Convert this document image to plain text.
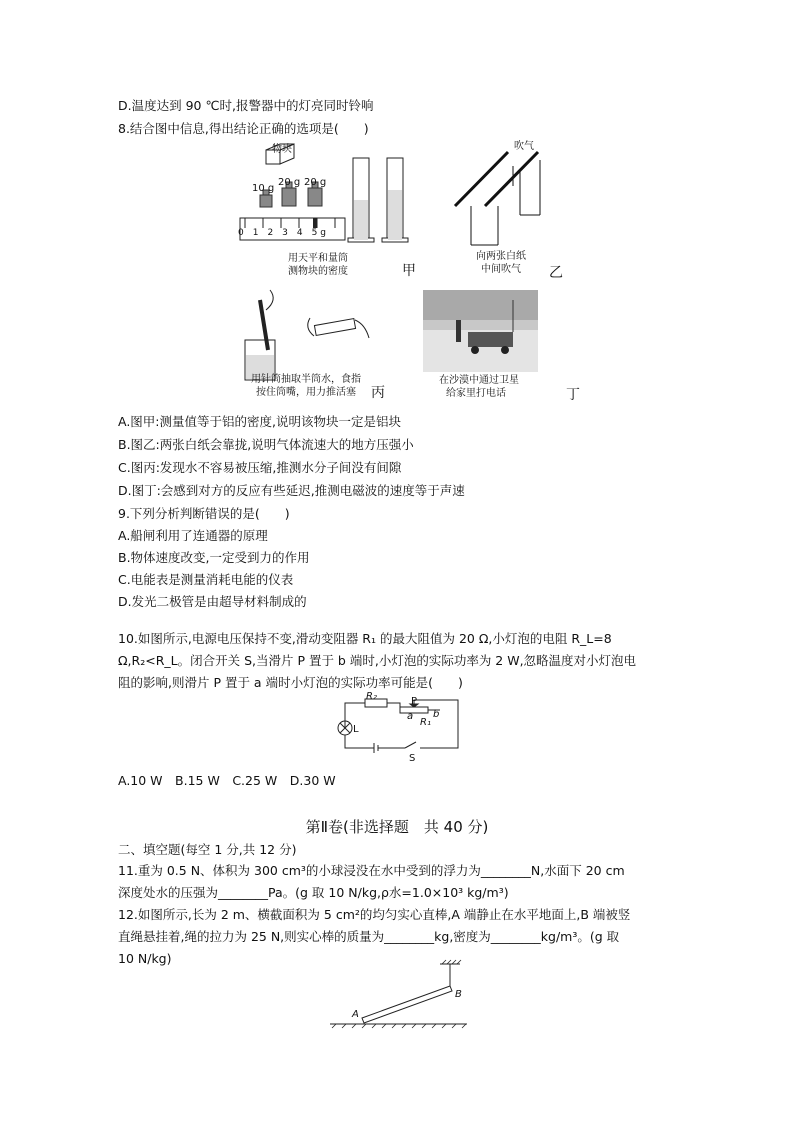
D.温度达到 90 ℃时,报警器中的灯亮同时铃响
8.结合图中信息,得出结论正确的选项是(　　)
物块
10 g
20 g 20 g
0　1　2　3　4　5 g
用天平和量筒
测物块的密度	甲
吹气
向两张白纸
中间吹气 乙
用针筒抽取半筒水，食指
按住筒嘴，用力推活塞 丙
在沙漠中通过卫星
给家里打电话	丁
A.图甲:测量值等于铝的密度,说明该物块一定是铝块
B.图乙:两张白纸会靠拢,说明气体流速大的地方压强小
C.图丙:发现水不容易被压缩,推测水分子间没有间隙
D.图丁:会感到对方的反应有些延迟,推测电磁波的速度等于声速
9.下列分析判断错误的是(　　)
A.船闸利用了连通器的原理
B.物体速度改变,一定受到力的作用
C.电能表是测量消耗电能的仪表
D.发光二极管是由超导材料制成的
10.如图所示,电源电压保持不变,滑动变阻器 R₁ 的最大阻值为 20 Ω,小灯泡的电阻 R_L=8
Ω,R₂<R_L。闭合开关 S,当滑片 P 置于 b 端时,小灯泡的实际功率为 2 W,忽略温度对小灯泡电
阻的影响,则滑片 P 置于 a 端时小灯泡的实际功率可能是(　　)
R₂	P
a b
R₁
L
S
A.10 W　B.15 W　C.25 W　D.30 W
第Ⅱ卷(非选择题　共 40 分)
二、填空题(每空 1 分,共 12 分)
11.重为 0.5 N、体积为 300 cm³的小球浸没在水中受到的浮力为________N,水面下 20 cm
深度处水的压强为________Pa。(g 取 10 N/kg,ρ水=1.0×10³ kg/m³)
12.如图所示,长为 2 m、横截面积为 5 cm²的均匀实心直棒,A 端静止在水平地面上,B 端被竖
直绳悬挂着,绳的拉力为 25 N,则实心棒的质量为________kg,密度为________kg/m³。(g 取
10 N/kg)
A
B
